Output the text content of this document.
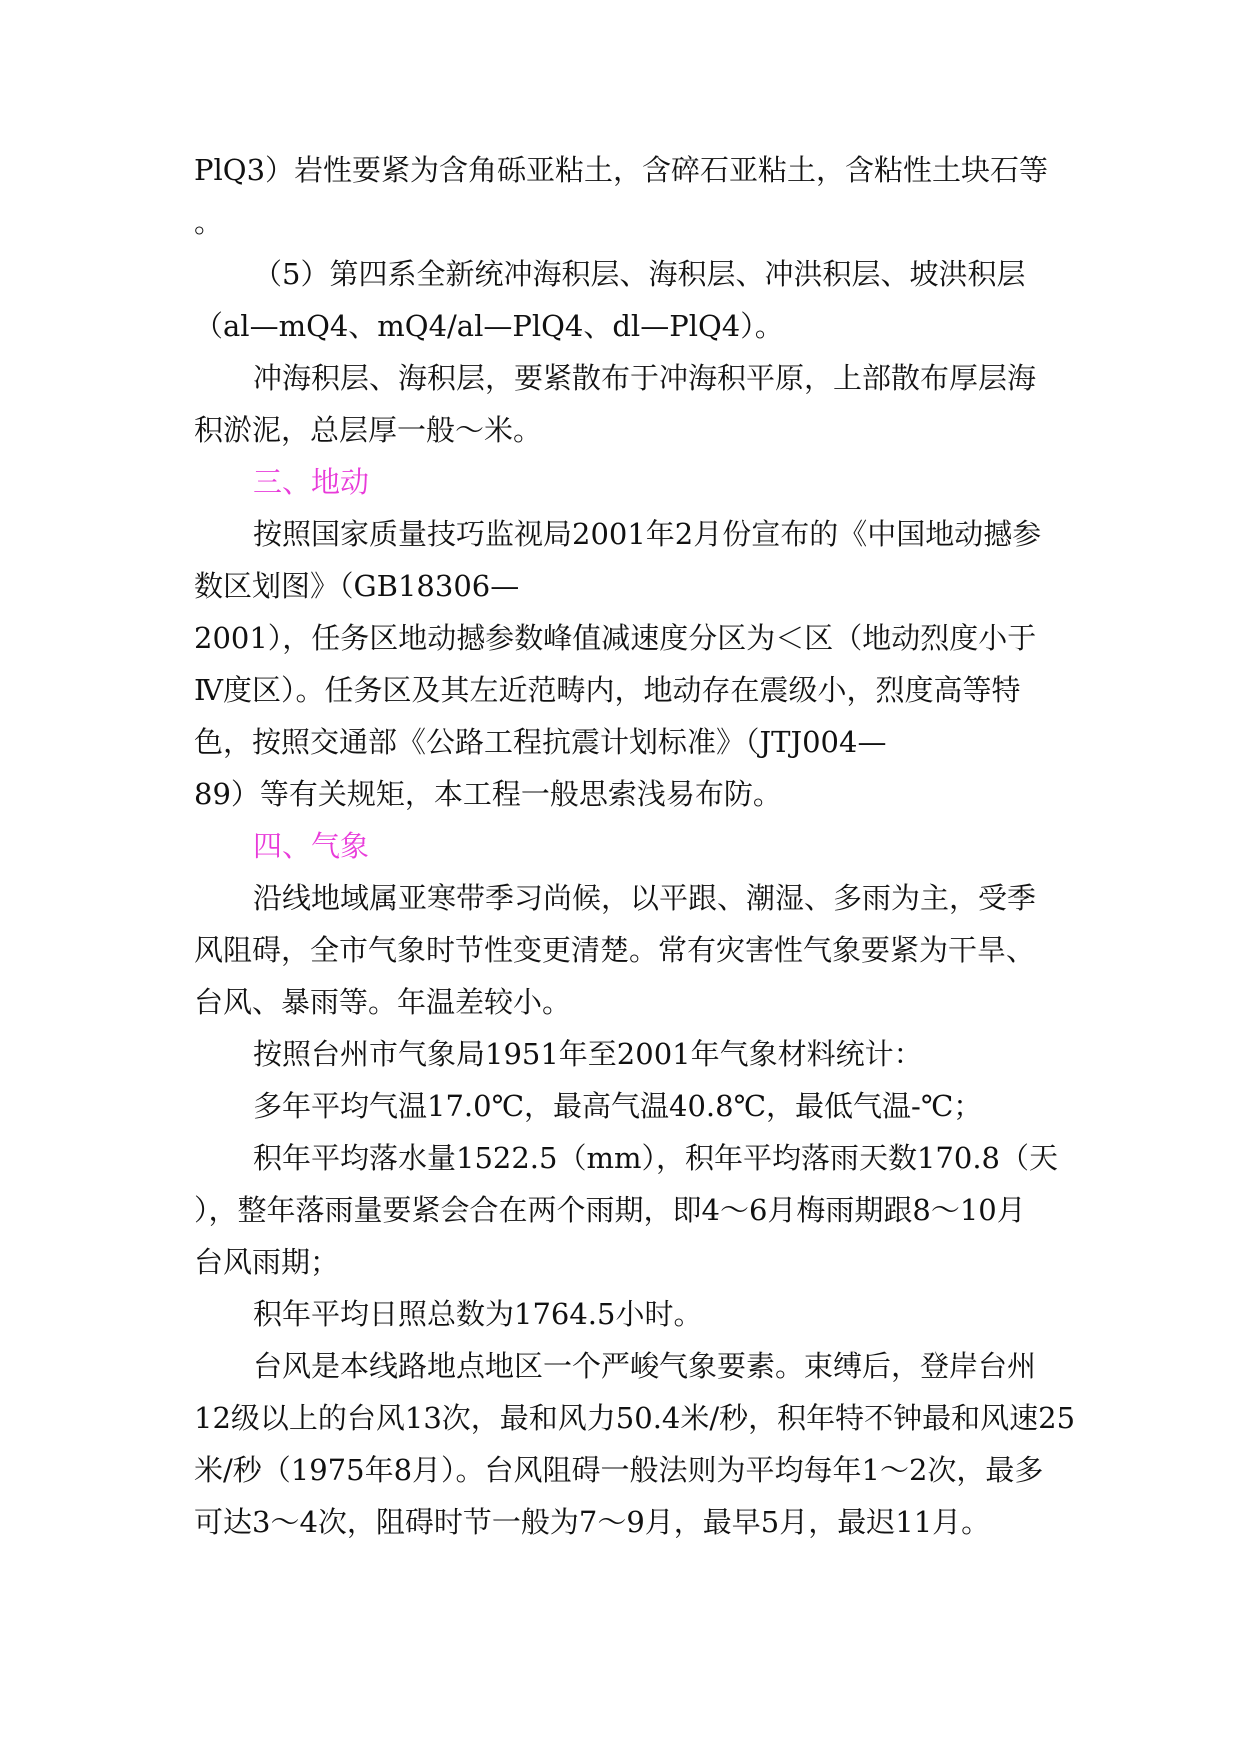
PlQ3）岩性要紧为含角砾亚粘土，含碎石亚粘土，含粘性土块石等
。
（5）第四系全新统冲海积层、海积层、冲洪积层、坡洪积层
（al—mQ4、mQ4/al—PlQ4、dl—PlQ4）。
冲海积层、海积层，要紧散布于冲海积平原，上部散布厚层海
积淤泥，总层厚一般～米。
三、地动
按照国家质量技巧监视局2001年2月份宣布的《中国地动撼参
数区划图》（GB18306—
2001），任务区地动撼参数峰值减速度分区为＜区（地动烈度小于
Ⅳ度区）。任务区及其左近范畴内，地动存在震级小，烈度高等特
色，按照交通部《公路工程抗震计划标准》（JTJ004—
89）等有关规矩，本工程一般思索浅易布防。
四、气象
沿线地域属亚寒带季习尚候，以平跟、潮湿、多雨为主，受季
风阻碍，全市气象时节性变更清楚。常有灾害性气象要紧为干旱、
台风、暴雨等。年温差较小。
按照台州市气象局1951年至2001年气象材料统计：
多年平均气温17.0℃，最高气温40.8℃，最低气温-℃；
积年平均落水量1522.5（mm），积年平均落雨天数170.8（天
），整年落雨量要紧会合在两个雨期，即4～6月梅雨期跟8～10月
台风雨期；
积年平均日照总数为1764.5小时。
台风是本线路地点地区一个严峻气象要素。束缚后，登岸台州
12级以上的台风13次，最和风力50.4米/秒，积年特不钟最和风速25
米/秒（1975年8月）。台风阻碍一般法则为平均每年1～2次，最多
可达3～4次，阻碍时节一般为7～9月，最早5月，最迟11月。
